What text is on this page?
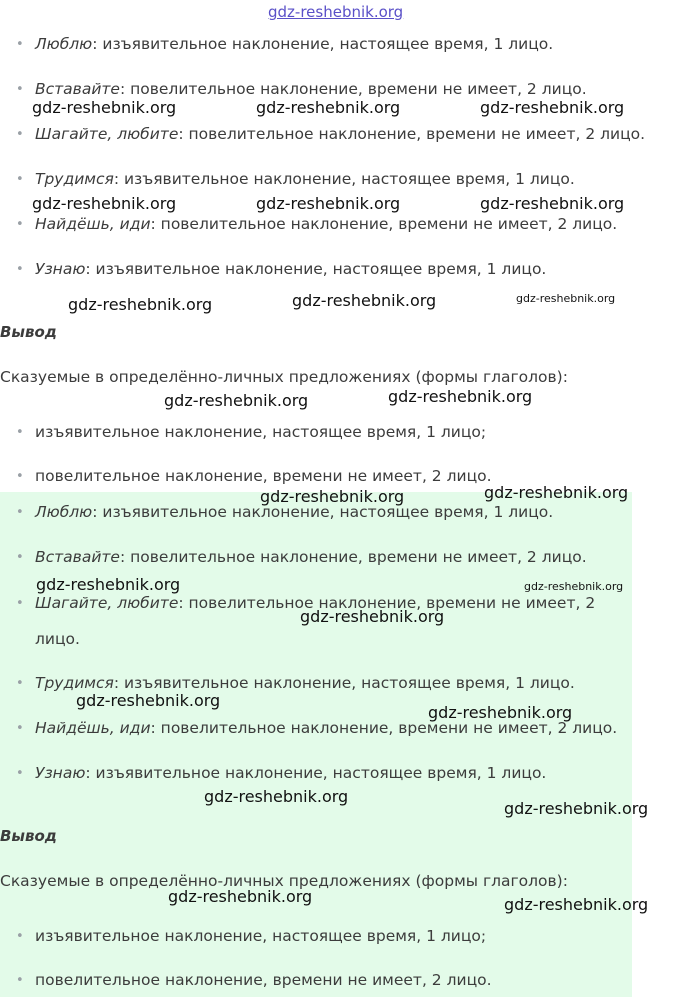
• Люблю: изъявительное наклонение, настоящее время, 1 лицо.
• Вставайте: повелительное наклонение, времени не имеет, 2 лицо.
• Шагайте, любите: повелительное наклонение, времени не имеет, 2 лицо.
• Трудимся: изъявительное наклонение, настоящее время, 1 лицо.
• Найдёшь, иди: повелительное наклонение, времени не имеет, 2 лицо.
• Узнаю: изъявительное наклонение, настоящее время, 1 лицо.
Вывод
Сказуемые в определённо-личных предложениях (формы глаголов):
• изъявительное наклонение, настоящее время, 1 лицо;
• повелительное наклонение, времени не имеет, 2 лицо.
• Люблю: изъявительное наклонение, настоящее время, 1 лицо.
• Вставайте: повелительное наклонение, времени не имеет, 2 лицо.
• Шагайте, любите: повелительное наклонение, времени не имеет, 2 лицо.
• Трудимся: изъявительное наклонение, настоящее время, 1 лицо.
• Найдёшь, иди: повелительное наклонение, времени не имеет, 2 лицо.
• Узнаю: изъявительное наклонение, настоящее время, 1 лицо.
Вывод
Сказуемые в определённо-личных предложениях (формы глаголов):
• изъявительное наклонение, настоящее время, 1 лицо;
• повелительное наклонение, времени не имеет, 2 лицо.
gdz-reshebnik.org
gdz-reshebnik.org	gdz-reshebnik.org	gdz-reshebnik.org
gdz-reshebnik.org	gdz-reshebnik.org	gdz-reshebnik.org
gdz-reshebnik.org	gdz-reshebnik.org	gdz-reshebnik.org
gdz-reshebnik.org	gdz-reshebnik.org
gdz-reshebnik.org	gdz-reshebnik.org
gdz-reshebnik.org	gdz-reshebnik.org
gdz-reshebnik.org
gdz-reshebnik.org
gdz-reshebnik.org
gdz-reshebnik.org
gdz-reshebnik.org
gdz-reshebnik.org	gdz-reshebnik.org
